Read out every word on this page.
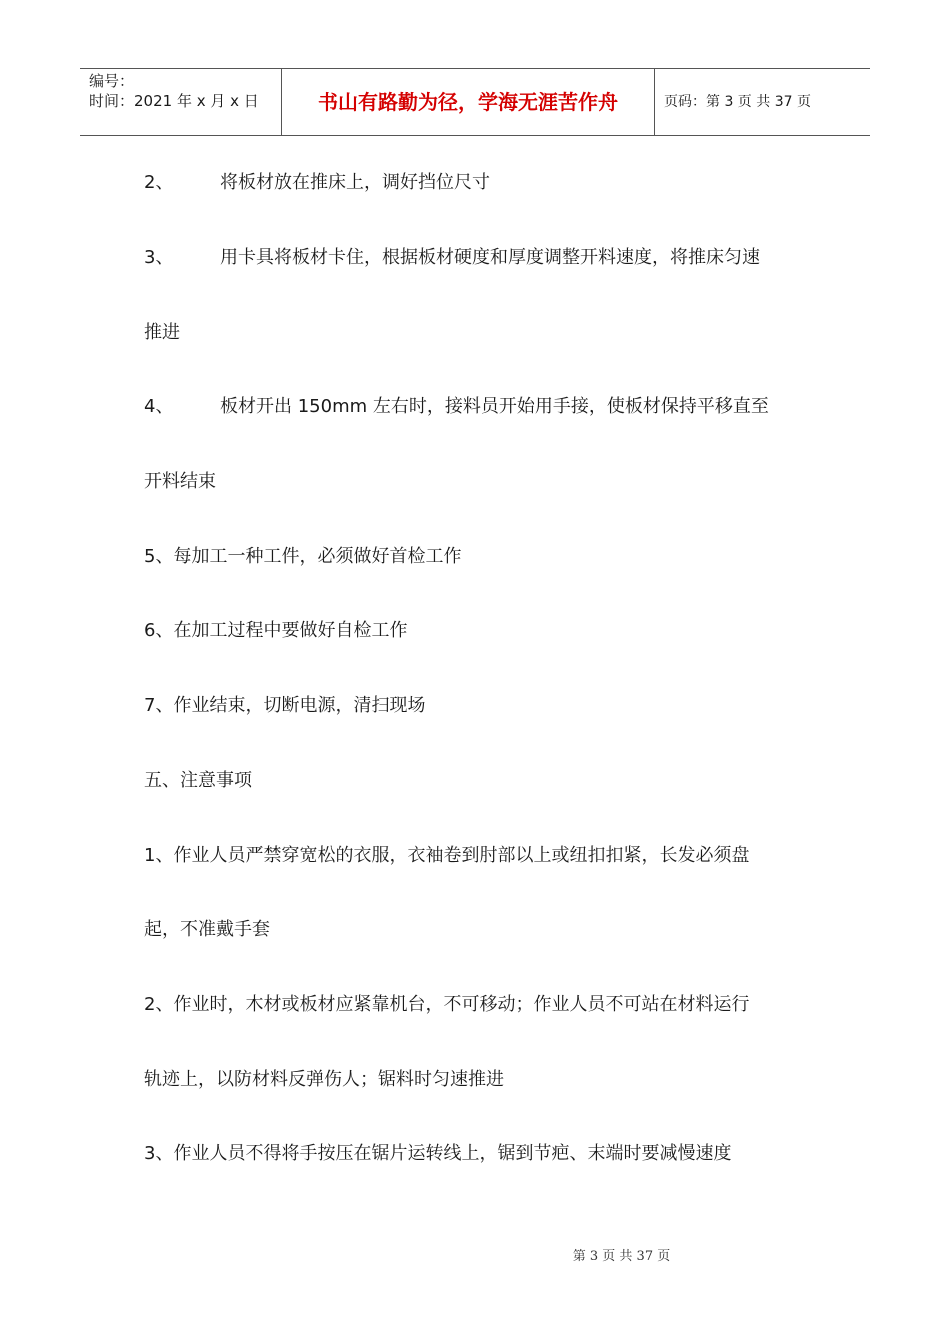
编号：
时间：2021 年 x 月 x 日	书山有路勤为径，学海无涯苦作舟	页码：第 3 页 共 37 页
2、	将板材放在推床上，调好挡位尺寸
3、	用卡具将板材卡住，根据板材硬度和厚度调整开料速度，将推床匀速
推进
4、	板材开出 150mm 左右时，接料员开始用手接，使板材保持平移直至
开料结束
5、每加工一种工件，必须做好首检工作
6、在加工过程中要做好自检工作
7、作业结束，切断电源，清扫现场
五、注意事项
1、作业人员严禁穿宽松的衣服，衣袖卷到肘部以上或纽扣扣紧，长发必须盘
起，不准戴手套
2、作业时，木材或板材应紧靠机台，不可移动；作业人员不可站在材料运行
轨迹上，以防材料反弹伤人；锯料时匀速推进
3、作业人员不得将手按压在锯片运转线上，锯到节疤、末端时要减慢速度
第 3 页 共 37 页
